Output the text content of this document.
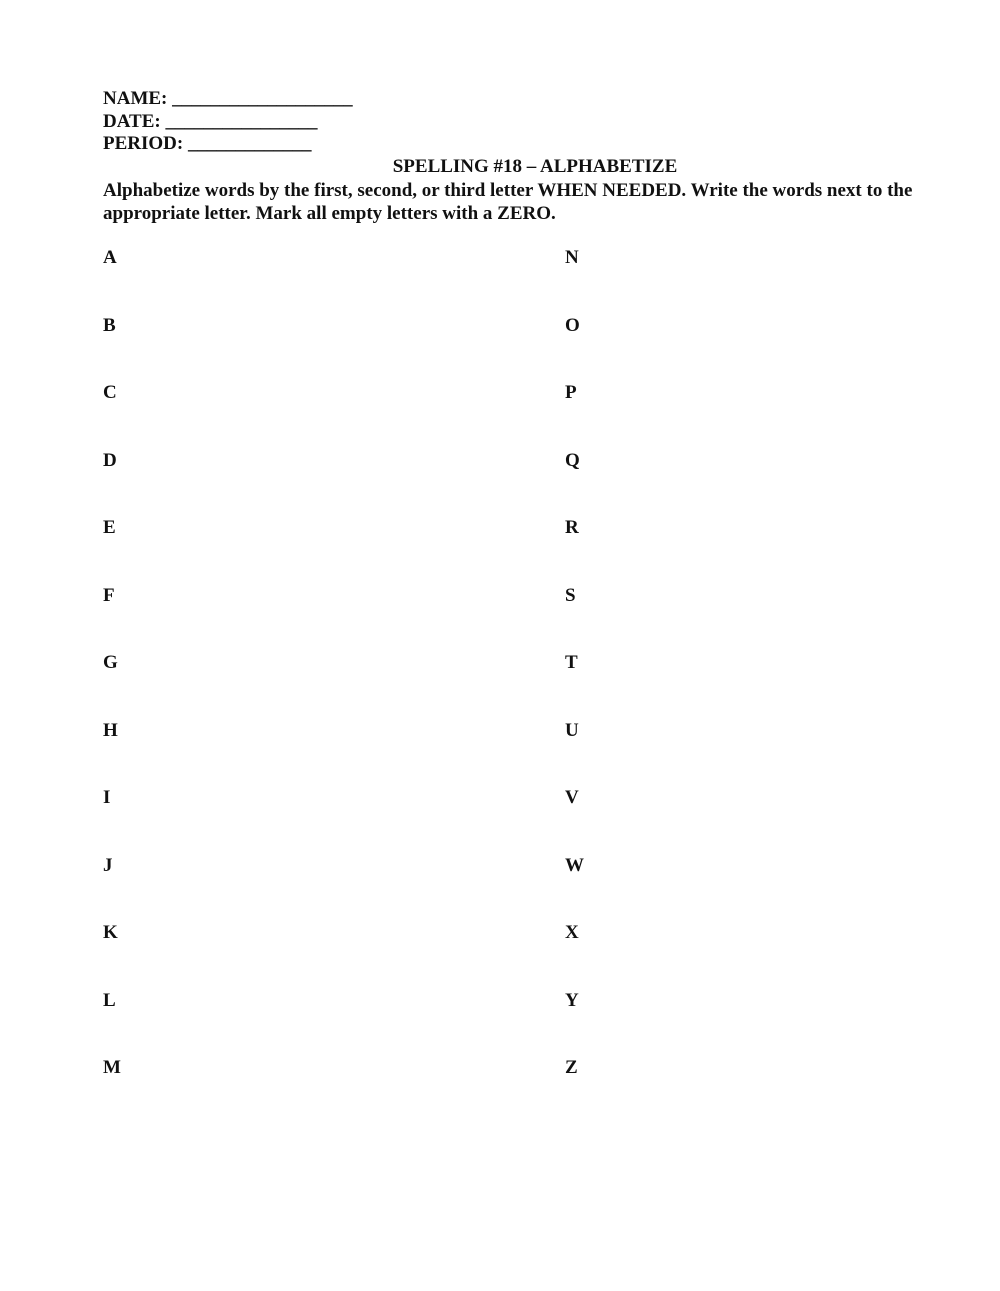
NAME: ___________________
DATE: ________________
PERIOD: _____________
SPELLING #18 – ALPHABETIZE
Alphabetize words by the first, second, or third letter WHEN NEEDED. Write the words next to the appropriate letter. Mark all empty letters with a ZERO.
A
B
C
D
E
F
G
H
I
J
K
L
M
N
O
P
Q
R
S
T
U
V
W
X
Y
Z
